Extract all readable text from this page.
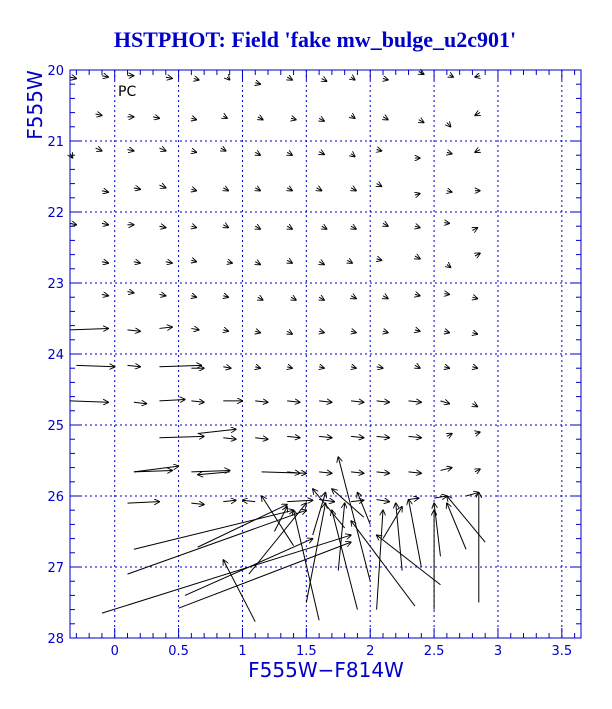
HSTPHOT: Field 'fake mw_bulge_u2c901'
0	0.5	1	1.5	2	2.5	3	3.5
20
21
22
23
24
25
26
27
28
F555W−F814W
F555W	PC
